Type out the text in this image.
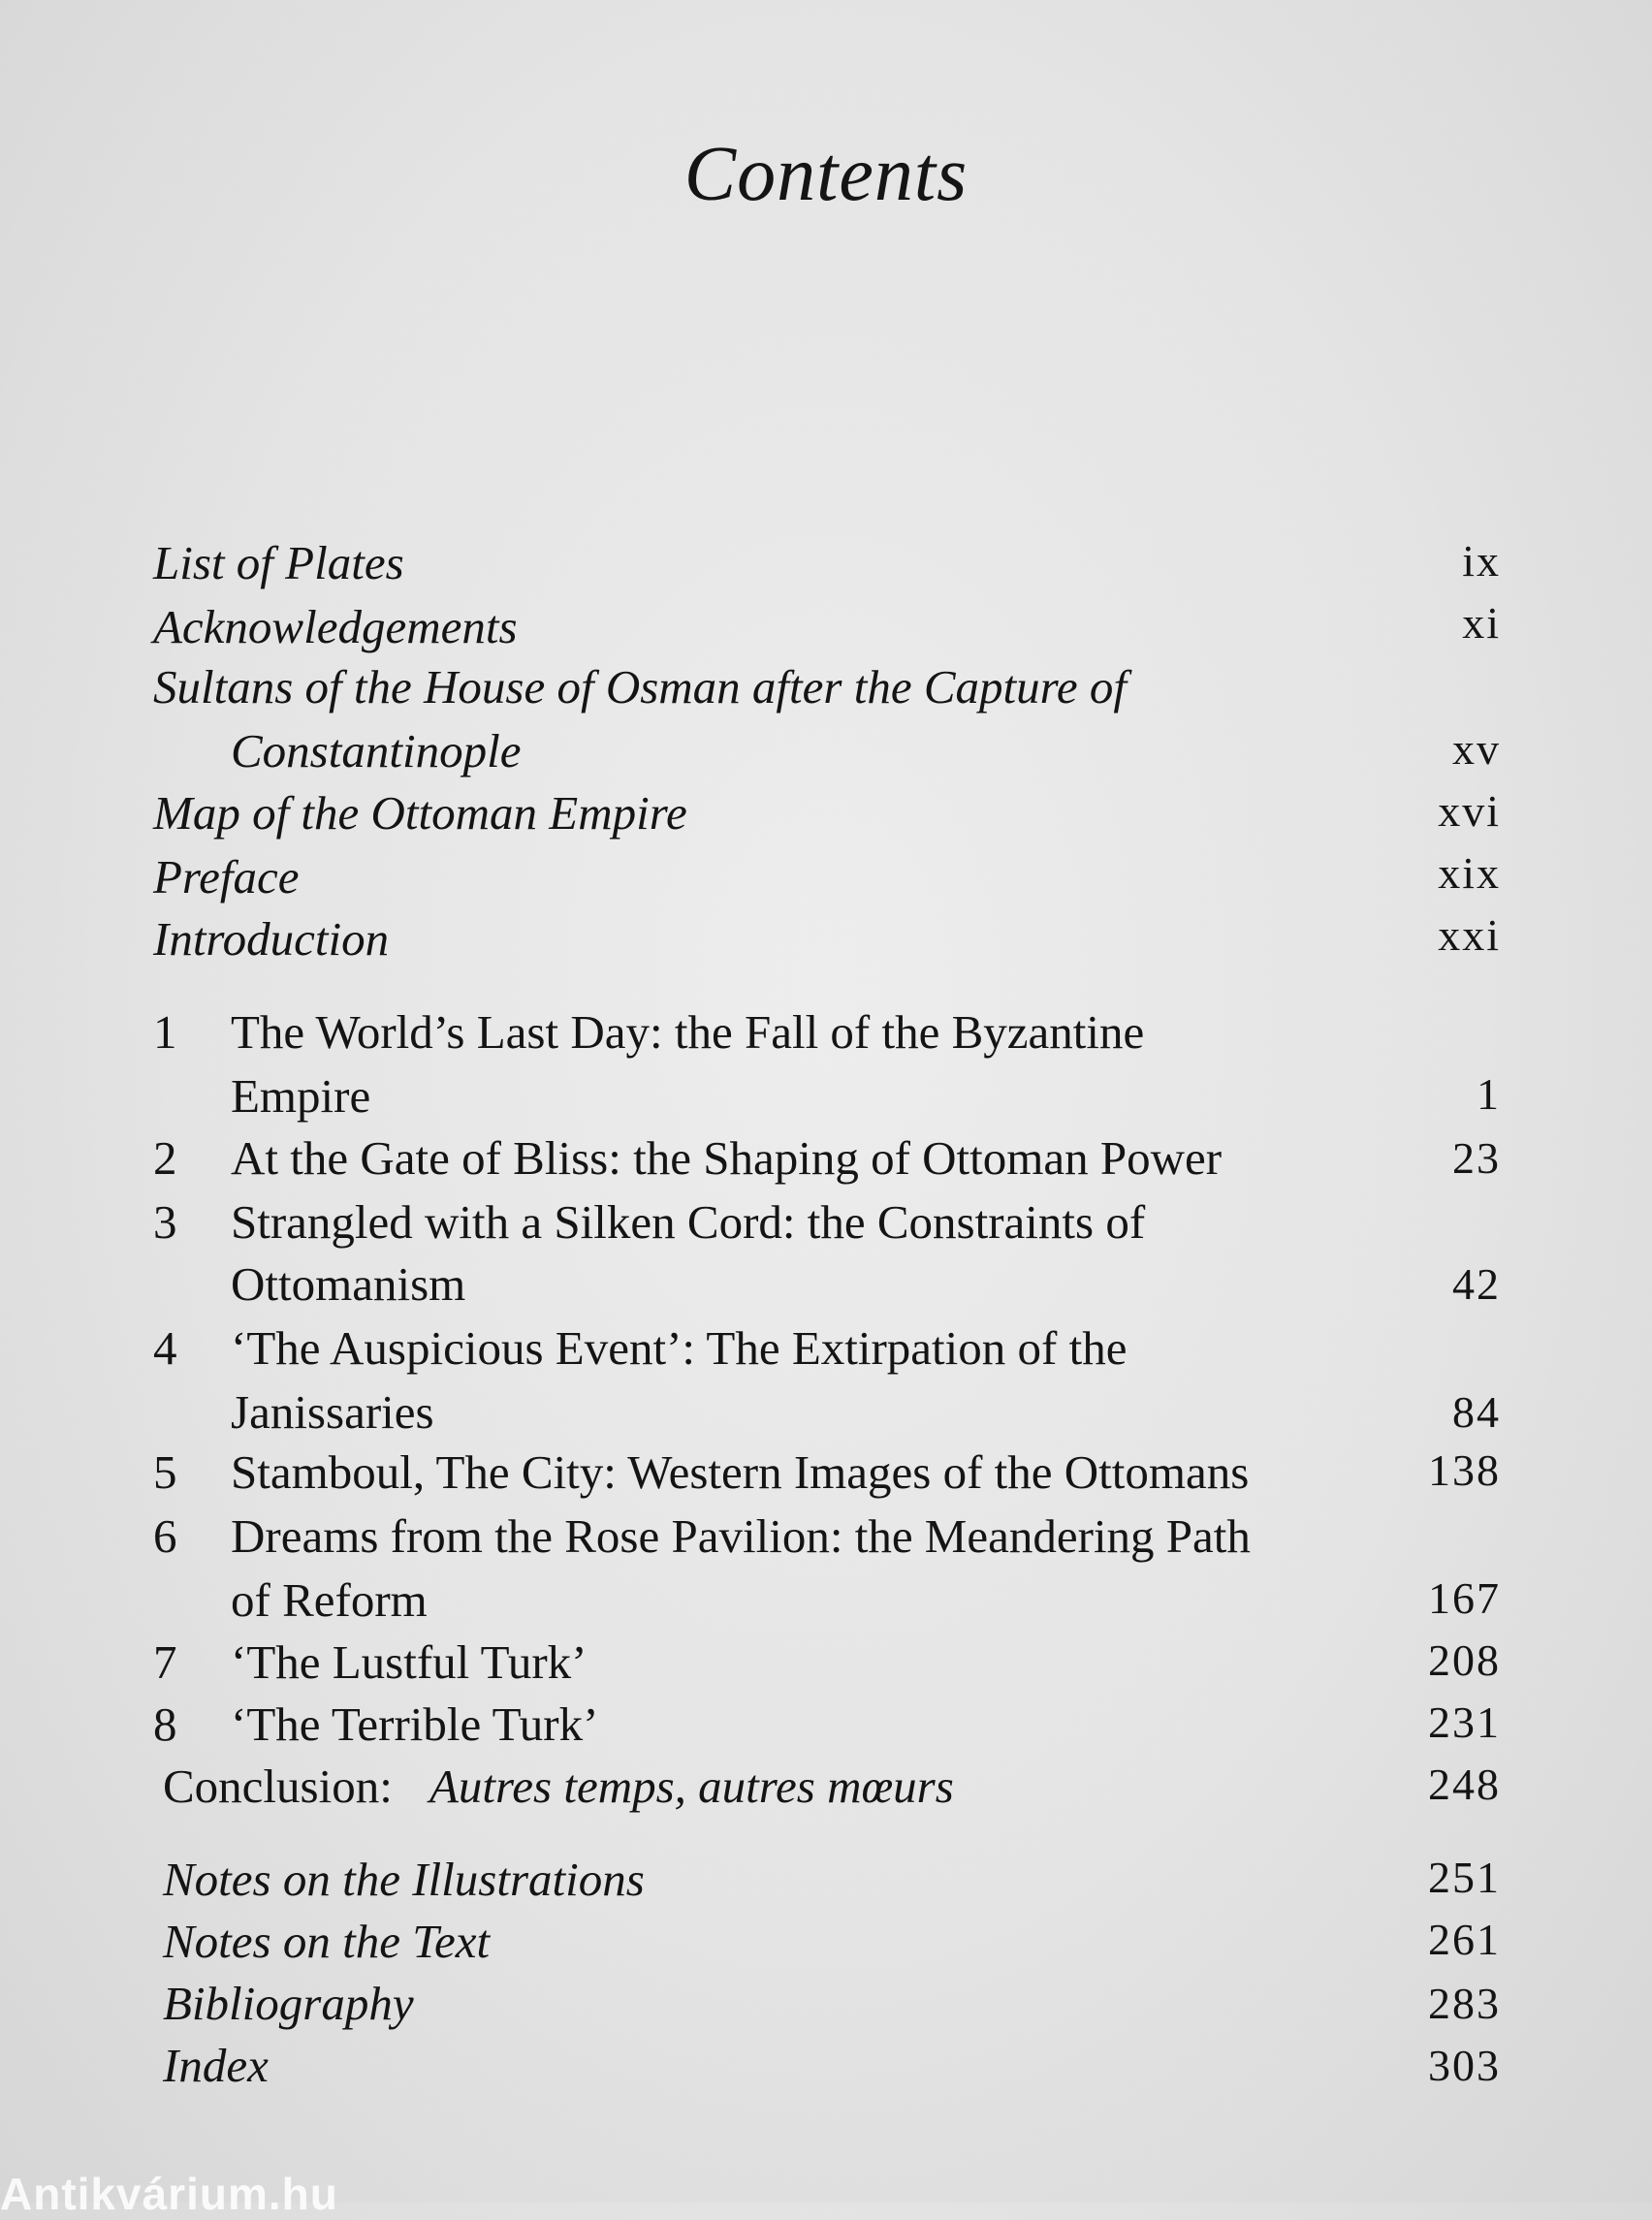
Contents
List of Plates	ix
Acknowledgements	xi
Sultans of the House of Osman after the Capture of
Constantinople	xv
Map of the Ottoman Empire	xvi
Preface	xix
Introduction	xxi
1	The World’s Last Day: the Fall of the Byzantine
Empire	1
2	At the Gate of Bliss: the Shaping of Ottoman Power	23
3	Strangled with a Silken Cord: the Constraints of
Ottomanism	42
4	‘The Auspicious Event’: The Extirpation of the
Janissaries	84
5	Stamboul, The City: Western Images of the Ottomans	138
6	Dreams from the Rose Pavilion: the Meandering Path
of Reform	167
7	‘The Lustful Turk’	208
8	‘The Terrible Turk’	231
Conclusion: Autres temps, autres mœurs	248
Notes on the Illustrations	251
Notes on the Text	261
Bibliography	283
Index	303
Antikvárium.hu
